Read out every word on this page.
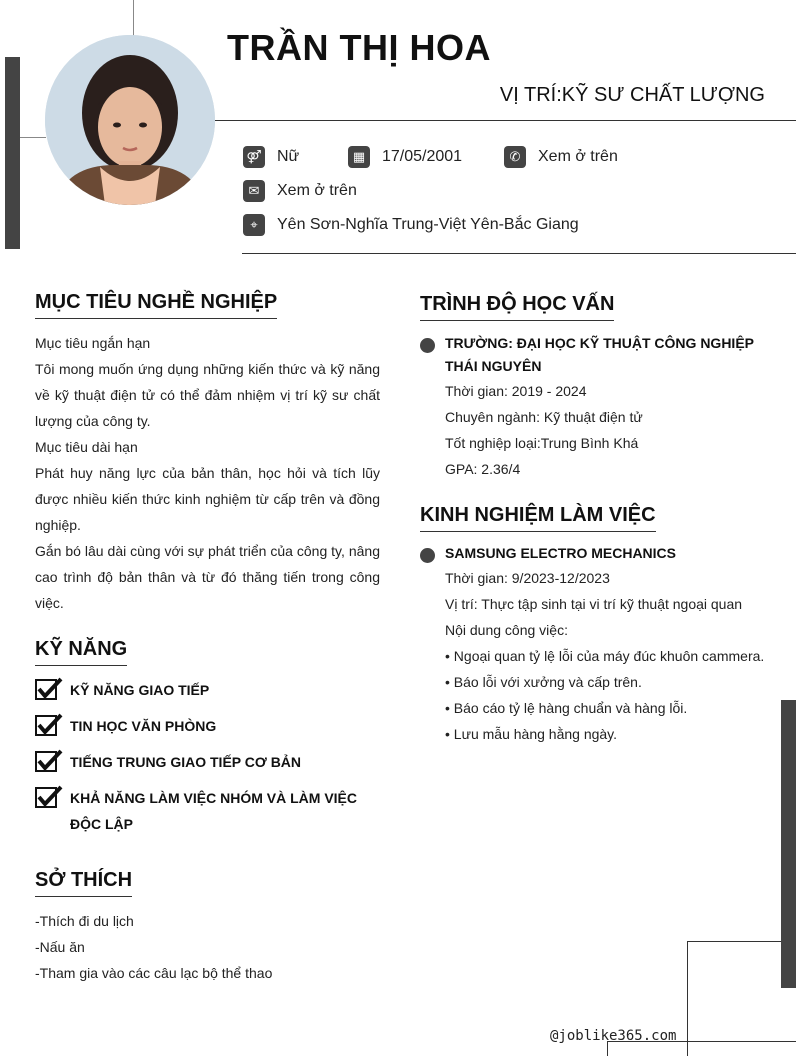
TRẦN THỊ HOA
VỊ TRÍ:KỸ SƯ CHẤT LƯỢNG
⚤ Nữ	▦	17/05/2001	✆	Xem ở trên
✉	Xem ở trên
⌖	Yên Sơn-Nghĩa Trung-Việt Yên-Bắc Giang
MỤC TIÊU NGHỀ NGHIỆP

Mục tiêu ngắn hạn

Tôi mong muốn ứng dụng những kiến thức và kỹ năng về kỹ thuật điện tử có thể đảm nhiệm vị trí kỹ sư chất lượng của công ty.

Mục tiêu dài hạn

Phát huy năng lực của bản thân, học hỏi và tích lũy được nhiều kiến thức kinh nghiệm từ cấp trên và đồng nghiệp.

Gắn bó lâu dài cùng với sự phát triển của công ty, nâng cao trình độ bản thân và từ đó thăng tiến trong công việc.

KỸ NĂNG
KỸ NĂNG GIAO TIẾP
TIN HỌC VĂN PHÒNG
TIẾNG TRUNG GIAO TIẾP CƠ BẢN
KHẢ NĂNG LÀM VIỆC NHÓM VÀ LÀM VIỆC ĐỘC LẬP
SỞ THÍCH
-Thích đi du lịch
-Nấu ăn
-Tham gia vào các câu lạc bộ thể thao
TRÌNH ĐỘ HỌC VẤN
TRƯỜNG: ĐẠI HỌC KỸ THUẬT CÔNG NGHIỆP THÁI NGUYÊN
Thời gian: 2019 - 2024
Chuyên ngành: Kỹ thuật điện tử
Tốt nghiệp loại:Trung Bình Khá
GPA: 2.36/4
KINH NGHIỆM LÀM VIỆC
SAMSUNG ELECTRO MECHANICS
Thời gian: 9/2023-12/2023
Vị trí: Thực tập sinh tại vi trí kỹ thuật ngoại quan
Nội dung công việc:
• Ngoại quan tỷ lệ lỗi của máy đúc khuôn cammera.
• Báo lỗi với xưởng và cấp trên.
• Báo cáo tỷ lệ hàng chuẩn và hàng lỗi.
• Lưu mẫu hàng hằng ngày.
@joblike365.com
